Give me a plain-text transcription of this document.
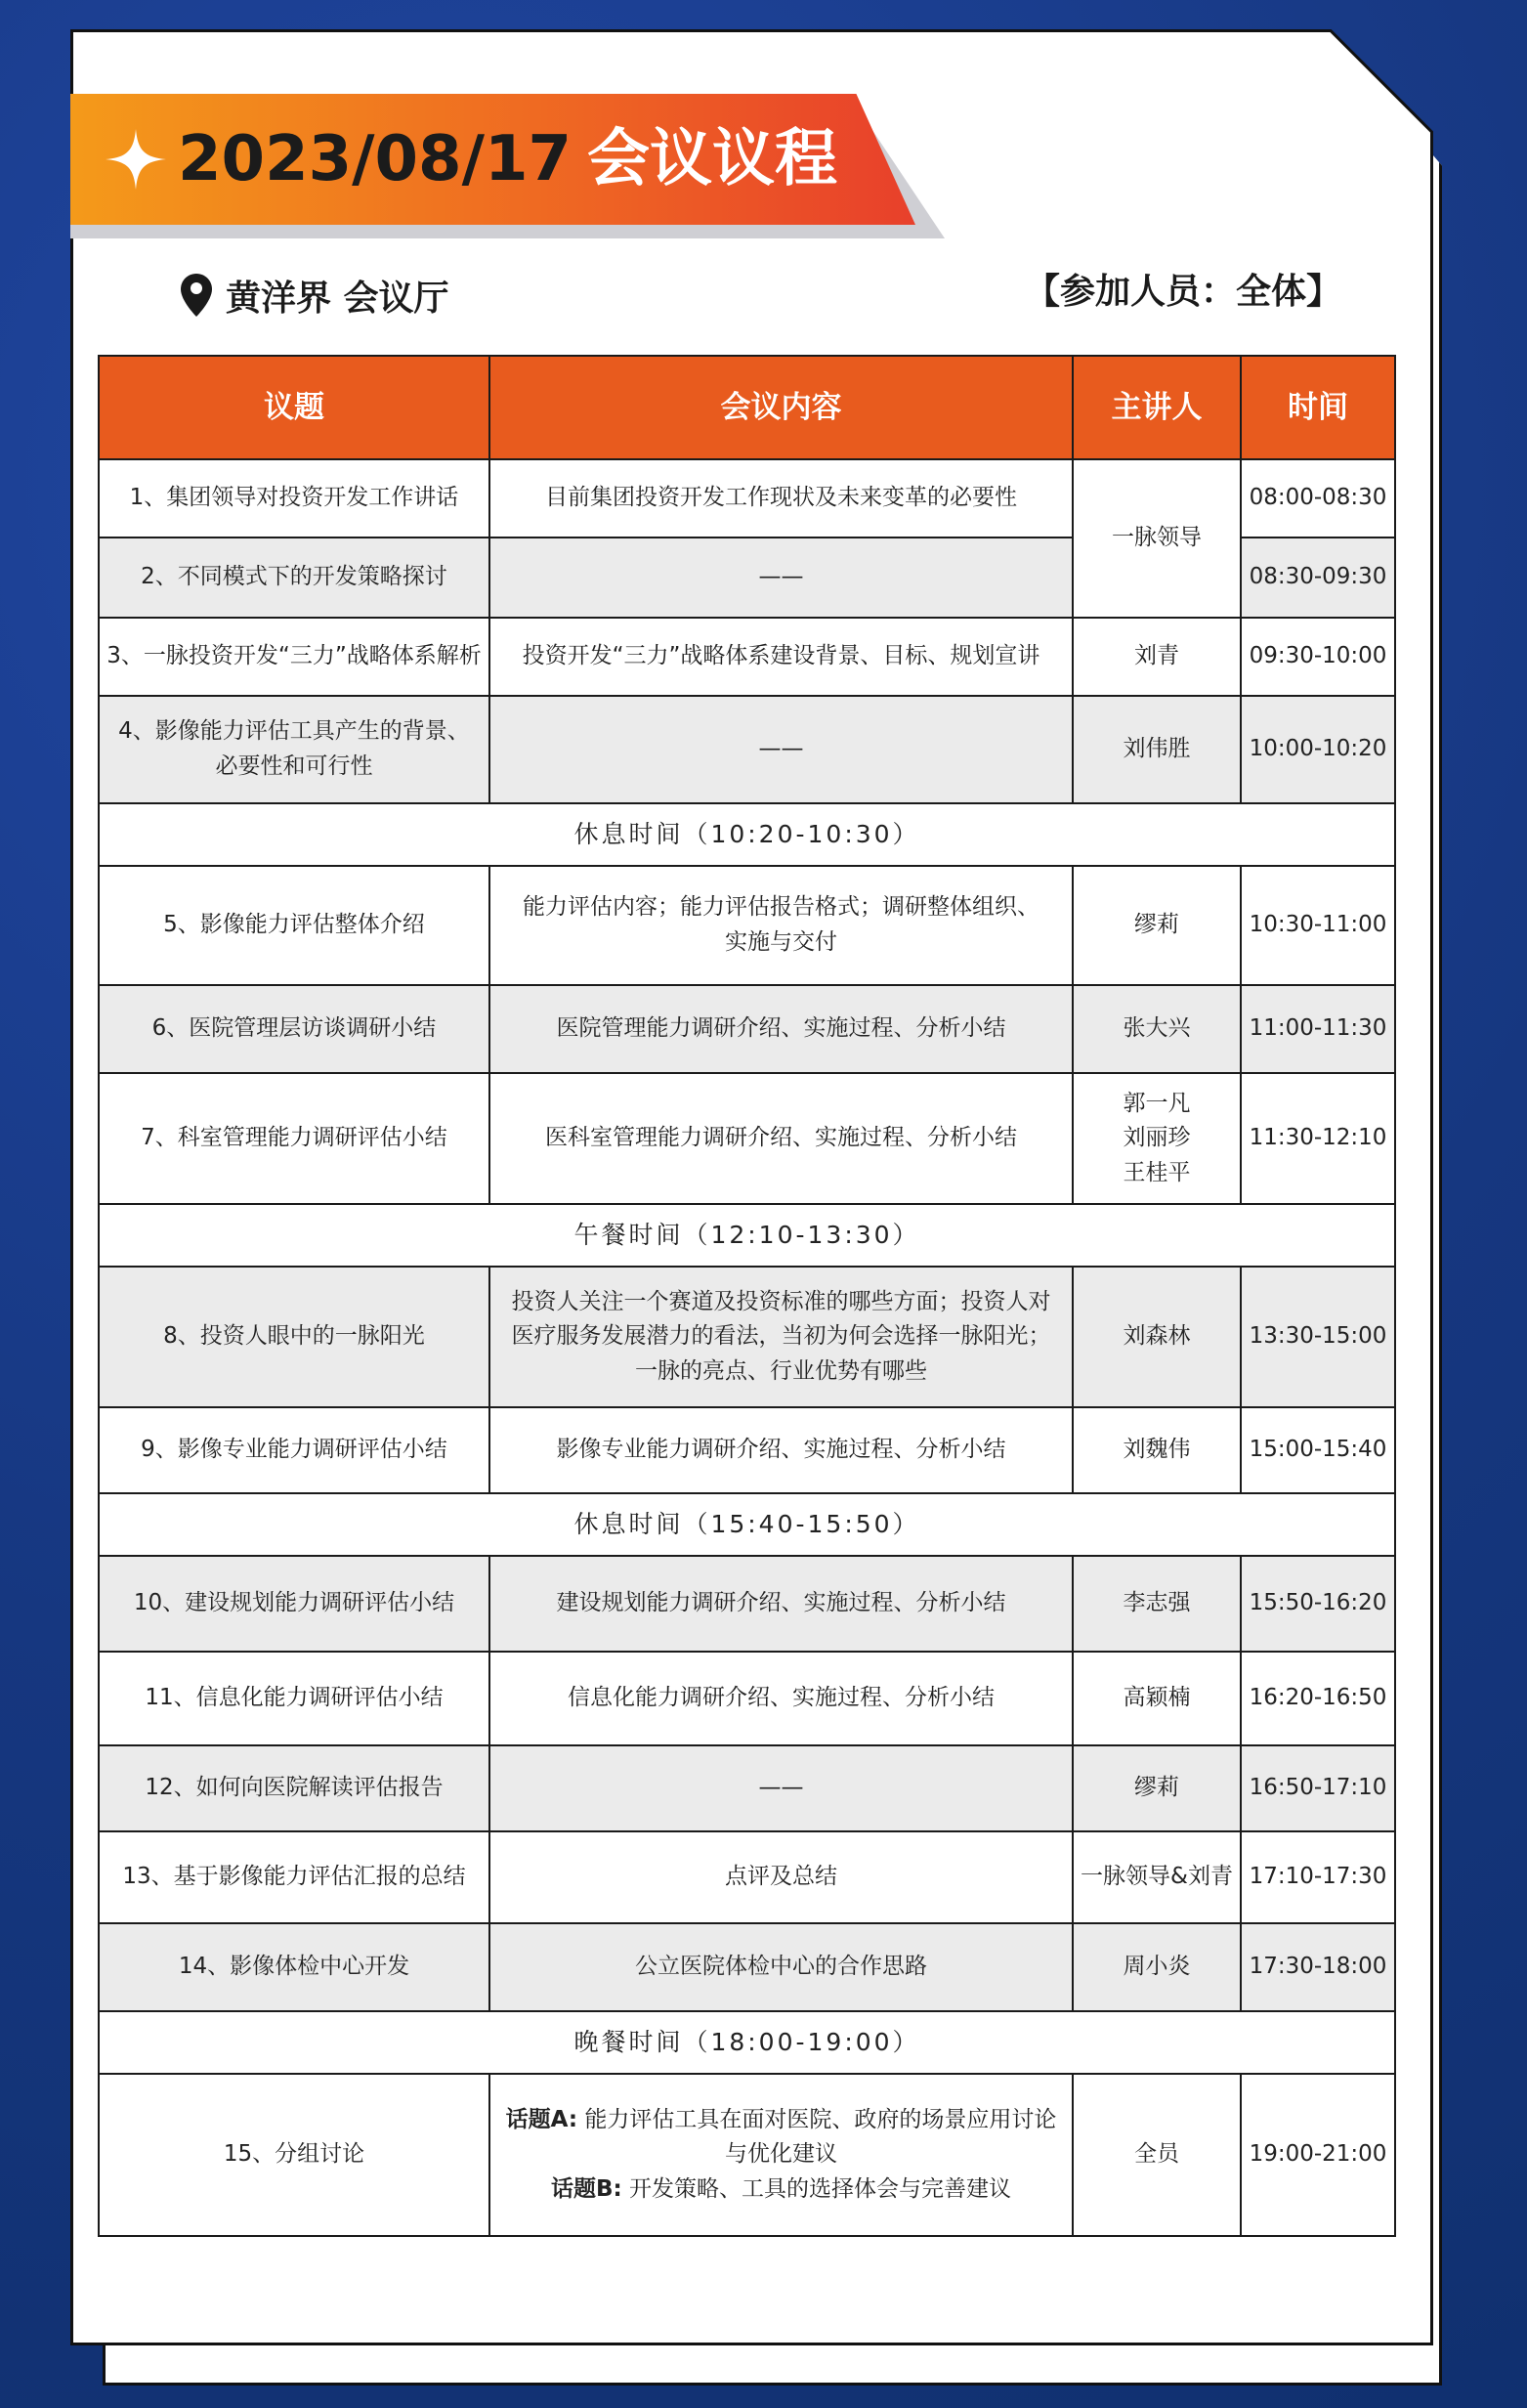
2023/08/17 会议议程
黄洋界 会议厅	【参加人员：全体】
议题	会议内容	主讲人	时间
1、集团领导对投资开发工作讲话	目前集团投资开发工作现状及未来变革的必要性	一脉领导	08:00-08:30
2、不同模式下的开发策略探讨	——		08:30-09:30
3、一脉投资开发“三力”战略体系解析	投资开发“三力”战略体系建设背景、目标、规划宣讲	刘青	09:30-10:00

4、影像能力评估工具产生的背景、
必要性和可行性	——	刘伟胜	10:00-10:20
休息时间（10:20-10:30）			
5、影像能力评估整体介绍	能力评估内容；能力评估报告格式；调研整体组织、
实施与交付	缪莉	10:30-11:00
6、医院管理层访谈调研小结	医院管理能力调研介绍、实施过程、分析小结	张大兴	11:00-11:30
7、科室管理能力调研评估小结	医科室管理能力调研介绍、实施过程、分析小结	郭一凡
刘丽珍
王桂平	11:30-12:10
午餐时间（12:10-13:30）			
8、投资人眼中的一脉阳光	投资人关注一个赛道及投资标准的哪些方面；投资人对
医疗服务发展潜力的看法，当初为何会选择一脉阳光；
一脉的亮点、行业优势有哪些	刘森林	13:30-15:00
9、影像专业能力调研评估小结	影像专业能力调研介绍、实施过程、分析小结	刘魏伟	15:00-15:40
休息时间（15:40-15:50）			
10、建设规划能力调研评估小结	建设规划能力调研介绍、实施过程、分析小结	李志强	15:50-16:20
11、信息化能力调研评估小结	信息化能力调研介绍、实施过程、分析小结	高颖楠	16:20-16:50
12、如何向医院解读评估报告	——	缪莉	16:50-17:10
13、基于影像能力评估汇报的总结	点评及总结	一脉领导&刘青	17:10-17:30
14、影像体检中心开发	公立医院体检中心的合作思路	周小炎	17:30-18:00
晚餐时间（18:00-19:00）			
15、分组讨论	话题A: 能力评估工具在面对医院、政府的场景应用讨论
与优化建议
话题B: 开发策略、工具的选择体会与完善建议	全员	19:00-21:00
